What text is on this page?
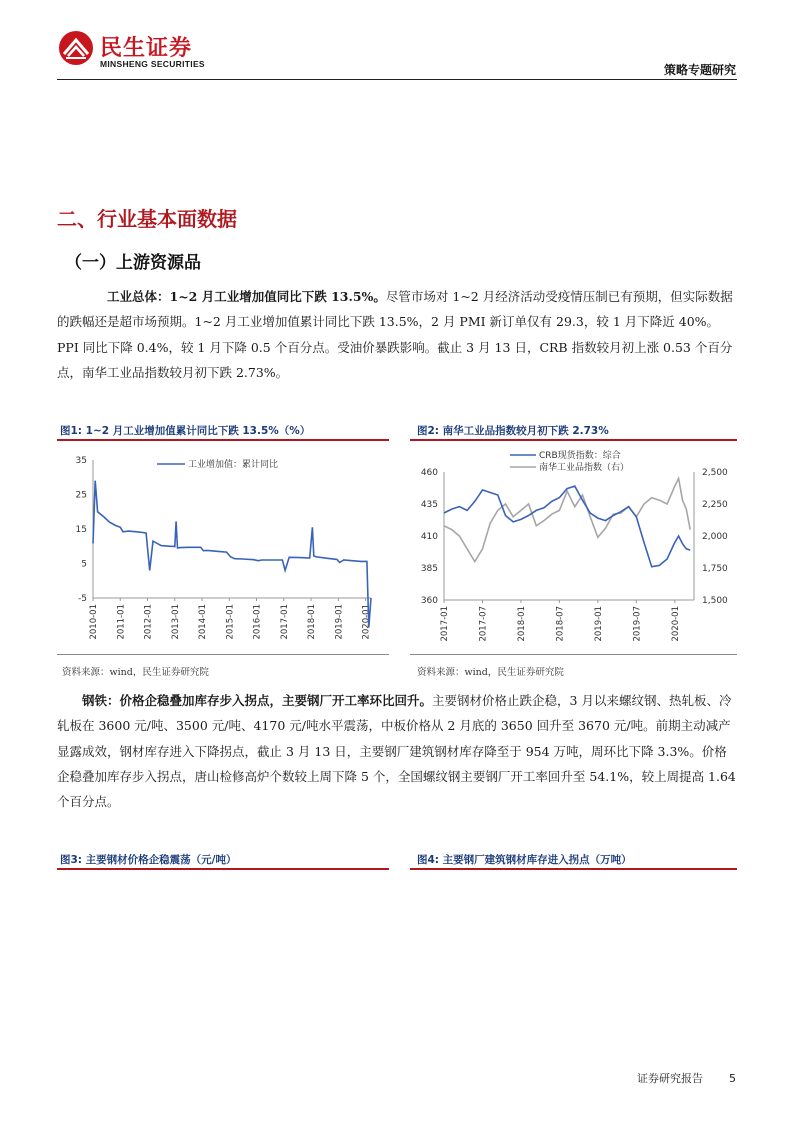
民生证券
MINSHENG SECURITIES	策略专题研究
二、行业基本面数据
（一）上游资源品
工业总体：1~2 月工业增加值同比下跌 13.5%。尽管市场对 1~2 月经济活动受疫情压制已有预期，但实际数据的跌幅还是超市场预期。1~2 月工业增加值累计同比下跌 13.5%，2 月 PMI 新订单仅有 29.3，较 1 月下降近 40%。PPI 同比下降 0.4%，较 1 月下降 0.5 个百分点。受油价暴跌影响。截止 3 月 13 日，CRB 指数较月初上涨 0.53 个百分点，南华工业品指数较月初下跌 2.73%。
图1: 1~2 月工业增加值累计同比下跌 13.5%（%）
35
25
15
5
-5
2010-01 2011-01 2012-01 2013-01 2014-01 2015-01 2016-01 2017-01 2018-01 2019-01 2020-01
工业增加值：累计同比
资料来源：wind，民生证券研究院
图2: 南华工业品指数较月初下跌 2.73%
460
435
410
385
360
2,500
2,250
2,000
1,750
1,500
2017-01	2017-07	2018-01	2018-07	2019-01	2019-07	2020-01
CRB现货指数：综合
南华工业品指数（右）
资料来源：wind，民生证券研究院
钢铁：价格企稳叠加库存步入拐点，主要钢厂开工率环比回升。主要钢材价格止跌企稳，3 月以来螺纹钢、热轧板、冷轧板在 3600 元/吨、3500 元/吨、4170 元/吨水平震荡，中板价格从 2 月底的 3650 回升至 3670 元/吨。前期主动减产显露成效，钢材库存进入下降拐点，截止 3 月 13 日，主要钢厂建筑钢材库存降至于 954 万吨，周环比下降 3.3%。价格企稳叠加库存步入拐点，唐山检修高炉个数较上周下降 5 个，全国螺纹钢主要钢厂开工率回升至 54.1%，较上周提高 1.64 个百分点。
图3: 主要钢材价格企稳震荡（元/吨）	图4: 主要钢厂建筑钢材库存进入拐点（万吨）
证券研究报告 5
